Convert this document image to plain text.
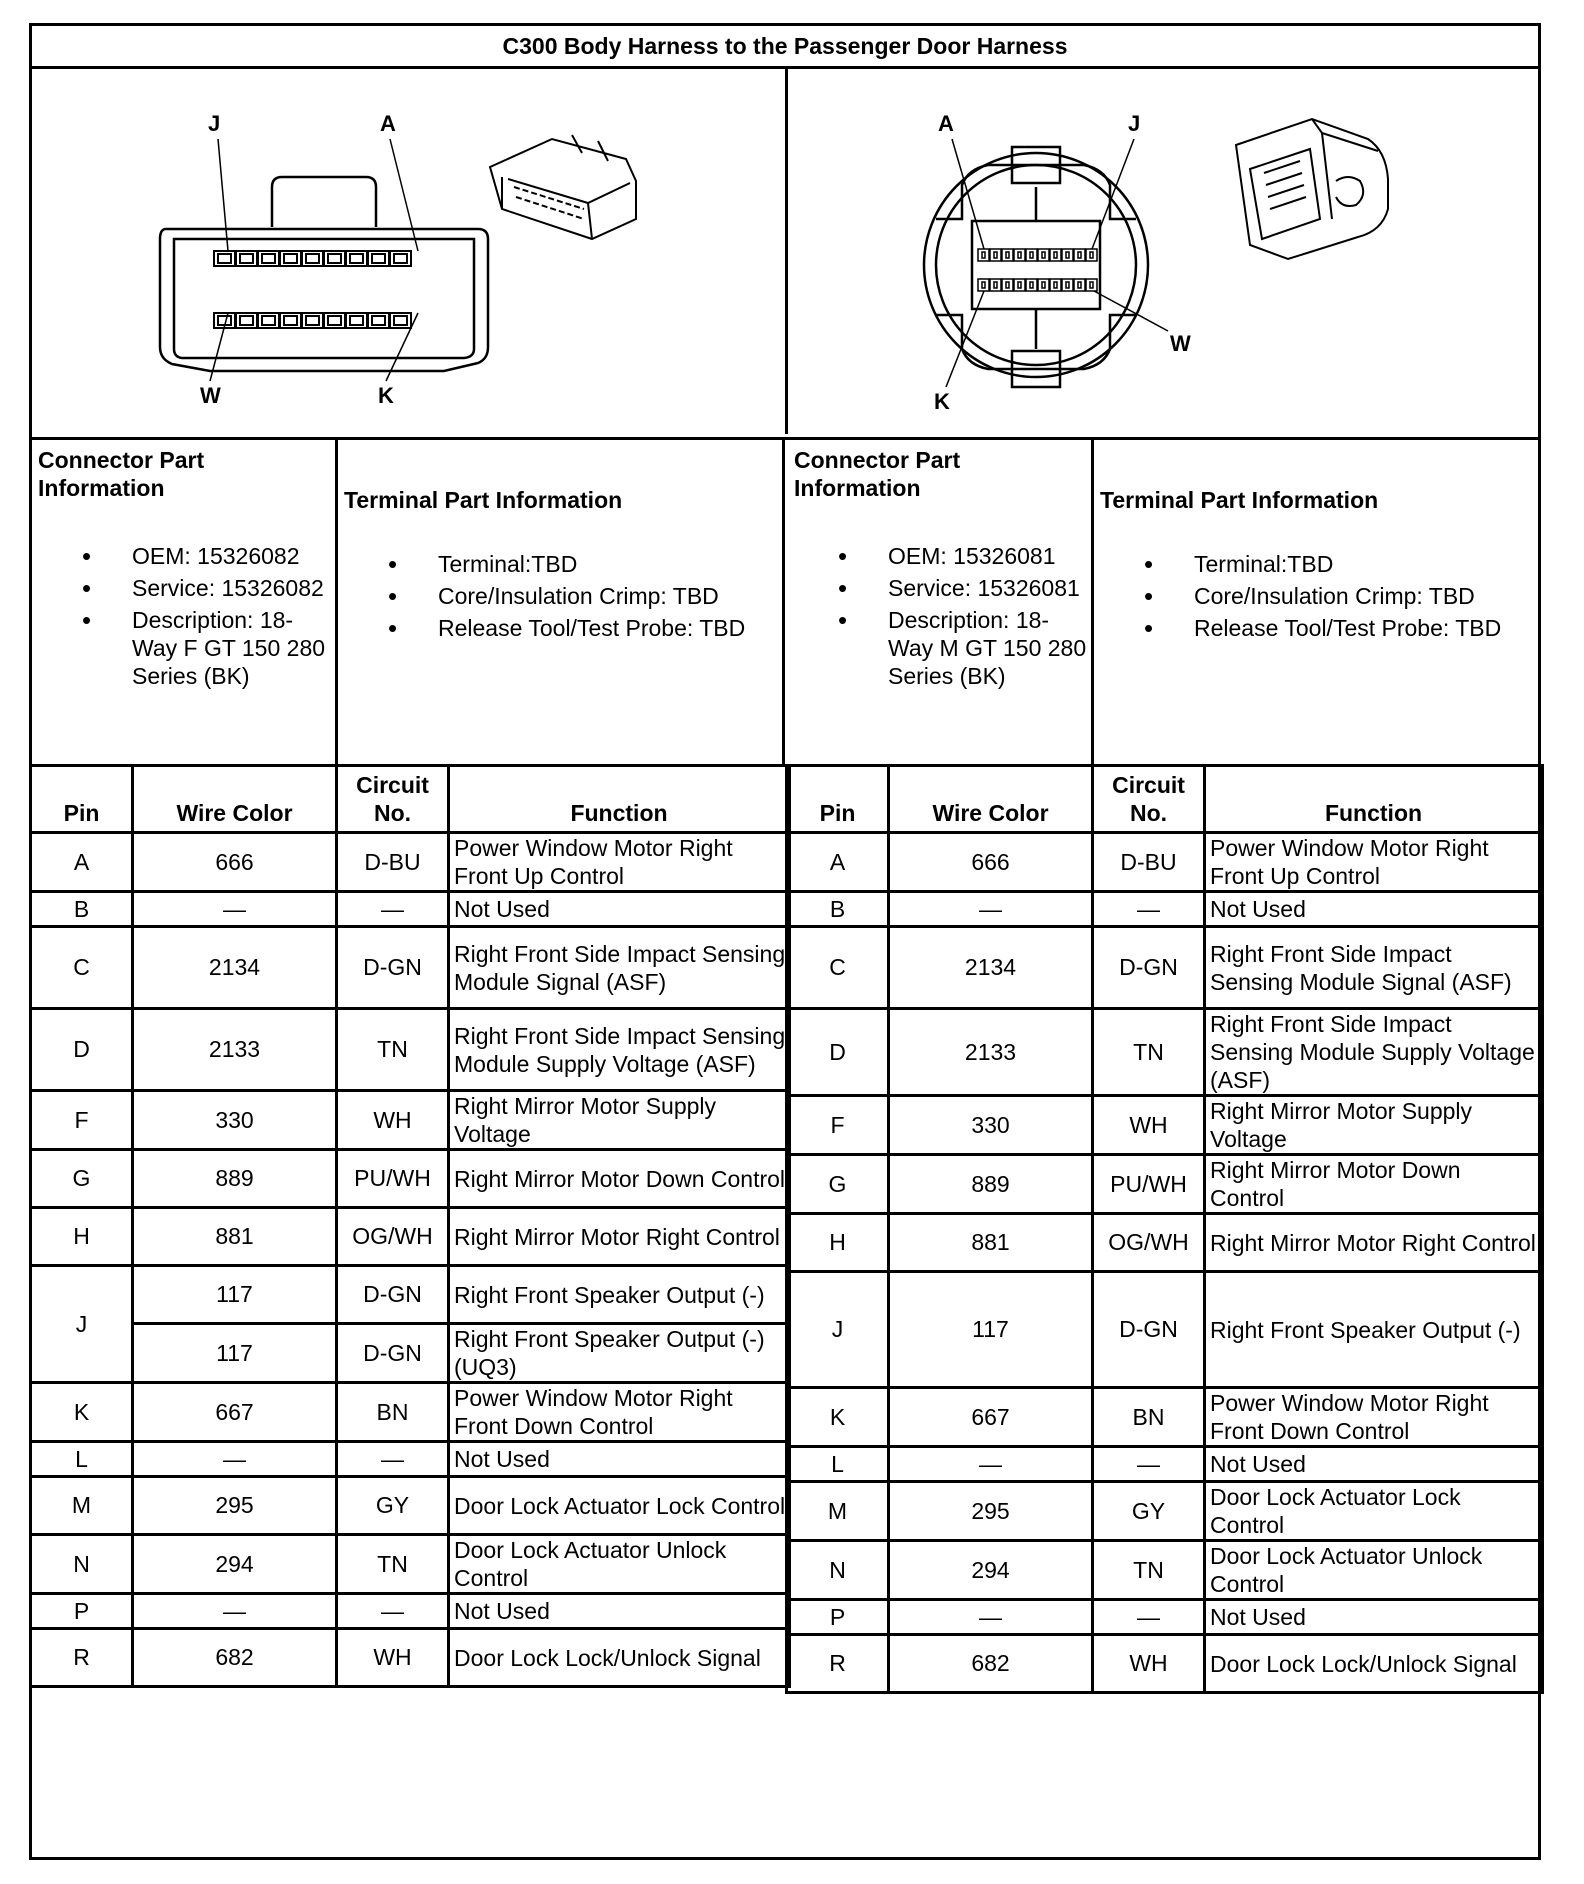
C300 Body Harness to the Passenger Door Harness
J	A
W	K
A	J
W
K
Connector Part Information
• OEM: 15326082
• Service: 15326082
• Description: 18-Way F GT 150 280 Series (BK)
Terminal Part Information
• Terminal:TBD
• Core/Insulation Crimp: TBD
• Release Tool/Test Probe: TBD
Connector Part Information
• OEM: 15326081
• Service: 15326081
• Description: 18-Way M GT 150 280 Series (BK)
Terminal Part Information
• Terminal:TBD
• Core/Insulation Crimp: TBD
• Release Tool/Test Probe: TBD
Pin	Wire Color	Circuit No.	Function
A	666	D-BU	Power Window Motor Right Front Up Control
B	—	—	Not Used
C	2134	D-GN	Right Front Side Impact Sensing Module Signal (ASF)
D	2133	TN	Right Front Side Impact Sensing Module Supply Voltage (ASF)
F	330	WH	Right Mirror Motor Supply Voltage
G	889	PU/WH	Right Mirror Motor Down Control
H	881	OG/WH	Right Mirror Motor Right Control
J	117	D-GN	Right Front Speaker Output (-)
	117	D-GN	Right Front Speaker Output (-) (UQ3)
K	667	BN	Power Window Motor Right Front Down Control
L	—	—	Not Used
M	295	GY	Door Lock Actuator Lock Control
N	294	TN	Door Lock Actuator Unlock Control
P	—	—	Not Used
R	682	WH	Door Lock Lock/Unlock Signal
Pin	Wire Color	Circuit No.	Function
A	666	D-BU	Power Window Motor Right Front Up Control
B	—	—	Not Used
C	2134	D-GN	Right Front Side Impact Sensing Module Signal (ASF)
D	2133	TN	Right Front Side Impact Sensing Module Supply Voltage (ASF)
F	330	WH	Right Mirror Motor Supply Voltage
G	889	PU/WH	Right Mirror Motor Down Control
H	881	OG/WH	Right Mirror Motor Right Control
J	117	D-GN	Right Front Speaker Output (-)
K	667	BN	Power Window Motor Right Front Down Control
L	—	—	Not Used
M	295	GY	Door Lock Actuator Lock Control
N	294	TN	Door Lock Actuator Unlock Control
P	—	—	Not Used
R	682	WH	Door Lock Lock/Unlock Signal
